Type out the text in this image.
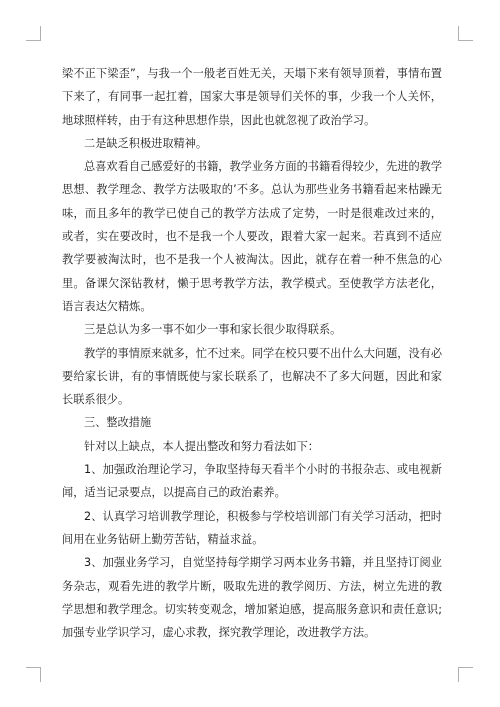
梁不正下梁歪”，与我一个一般老百姓无关，天塌下来有领导顶着，事情布置下来了，有同事一起扛着，国家大事是领导们关怀的事，少我一个人关怀，地球照样转，由于有这种思想作祟，因此也就忽视了政治学习。

二是缺乏积极进取精神。

总喜欢看自己感爱好的书籍，教学业务方面的书籍看得较少，先进的教学思想、教学理念、教学方法吸取的’不多。总认为那些业务书籍看起来枯躁无味，而且多年的教学已使自己的教学方法成了定势，一时是很难改过来的，或者，实在要改时，也不是我一个人要改，跟着大家一起来。若真到不适应教学要被淘汰时，也不是我一个人被淘汰。因此，就存在着一种不焦急的心里。备课欠深钻教材，懒于思考教学方法，教学模式。至使教学方法老化，语言表达欠精炼。

三是总认为多一事不如少一事和家长很少取得联系。

教学的事情原来就多，忙不过来。同学在校只要不出什么大问题，没有必要给家长讲，有的事情既使与家长联系了，也解决不了多大问题，因此和家长联系很少。

三、整改措施

针对以上缺点，本人提出整改和努力看法如下：

1、加强政治理论学习，争取坚持每天看半个小时的书报杂志、或电视新闻，适当记录要点，以提高自己的政治素养。

2、认真学习培训教学理论，积极参与学校培训部门有关学习活动，把时间用在业务钻研上勤劳苦钻，精益求益。

3、加强业务学习，自觉坚持每学期学习两本业务书籍，并且坚持订阅业务杂志，观看先进的教学片断，吸取先进的教学阅历、方法，树立先进的教学思想和教学理念。切实转变观念，增加紧迫感，提高服务意识和责任意识;加强专业学识学习，虚心求教，探究教学理论，改进教学方法。
